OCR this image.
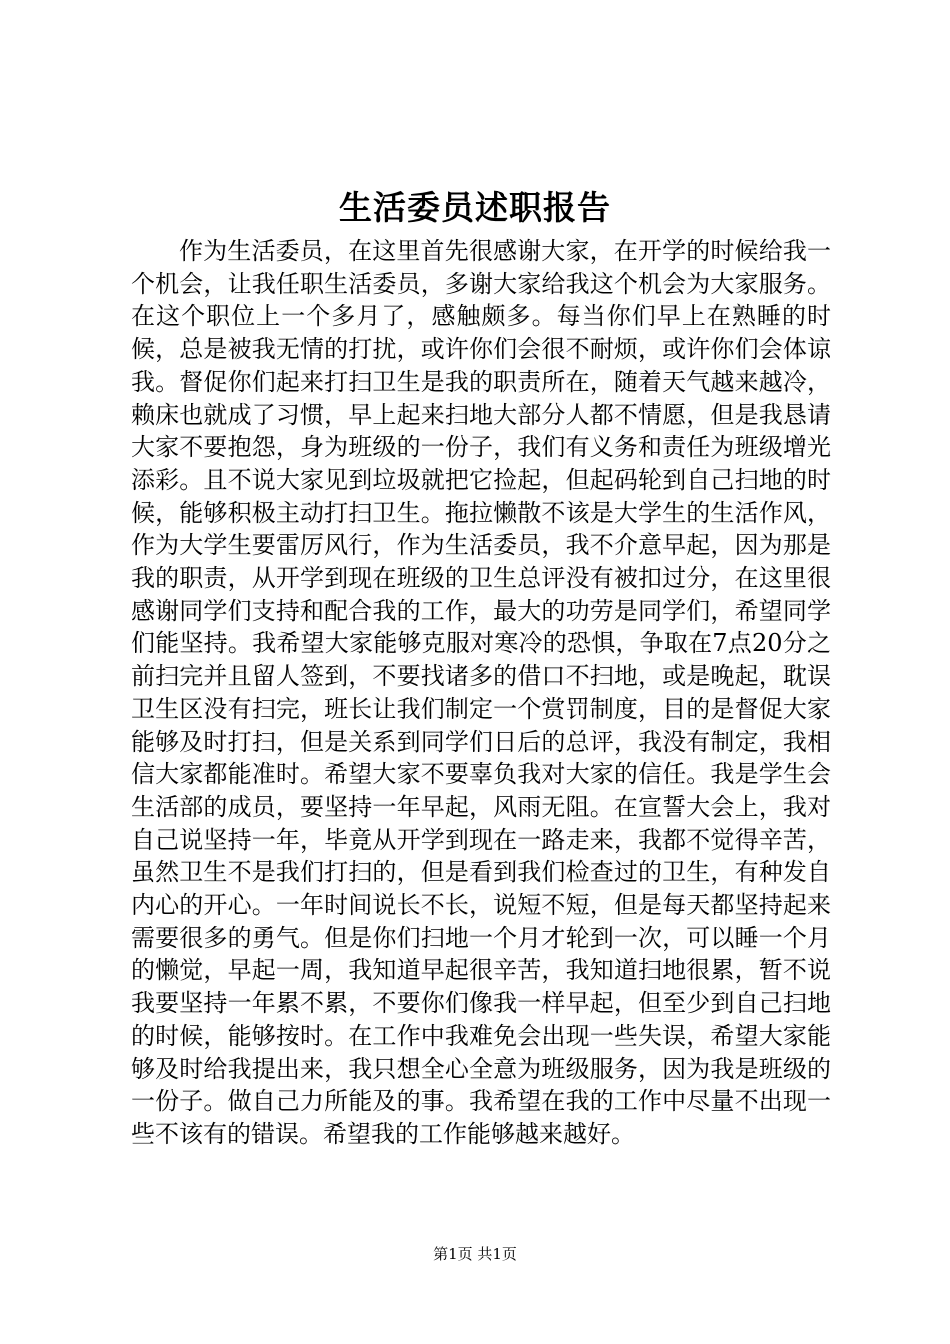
生活委员述职报告

作为生活委员，在这里首先很感谢大家，在开学的时候给我一个机会，让我任职生活委员，多谢大家给我这个机会为大家服务。在这个职位上一个多月了，感触颇多。每当你们早上在熟睡的时候，总是被我无情的打扰，或许你们会很不耐烦，或许你们会体谅我。督促你们起来打扫卫生是我的职责所在，随着天气越来越冷，赖床也就成了习惯，早上起来扫地大部分人都不情愿，但是我恳请大家不要抱怨，身为班级的一份子，我们有义务和责任为班级增光添彩。且不说大家见到垃圾就把它捡起，但起码轮到自己扫地的时候，能够积极主动打扫卫生。拖拉懒散不该是大学生的生活作风，作为大学生要雷厉风行，作为生活委员，我不介意早起，因为那是我的职责，从开学到现在班级的卫生总评没有被扣过分，在这里很感谢同学们支持和配合我的工作，最大的功劳是同学们，希望同学们能坚持。我希望大家能够克服对寒冷的恐惧，争取在7点20分之前扫完并且留人签到，不要找诸多的借口不扫地，或是晚起，耽误卫生区没有扫完，班长让我们制定一个赏罚制度，目的是督促大家能够及时打扫，但是关系到同学们日后的总评，我没有制定，我相信大家都能准时。希望大家不要辜负我对大家的信任。我是学生会生活部的成员，要坚持一年早起，风雨无阻。在宣誓大会上，我对自己说坚持一年，毕竟从开学到现在一路走来，我都不觉得辛苦，虽然卫生不是我们打扫的，但是看到我们检查过的卫生，有种发自内心的开心。一年时间说长不长，说短不短，但是每天都坚持起来需要很多的勇气。但是你们扫地一个月才轮到一次，可以睡一个月的懒觉，早起一周，我知道早起很辛苦，我知道扫地很累，暂不说我要坚持一年累不累，不要你们像我一样早起，但至少到自己扫地的时候，能够按时。在工作中我难免会出现一些失误，希望大家能够及时给我提出来，我只想全心全意为班级服务，因为我是班级的一份子。做自己力所能及的事。我希望在我的工作中尽量不出现一些不该有的错误。希望我的工作能够越来越好。

第1页 共1页
